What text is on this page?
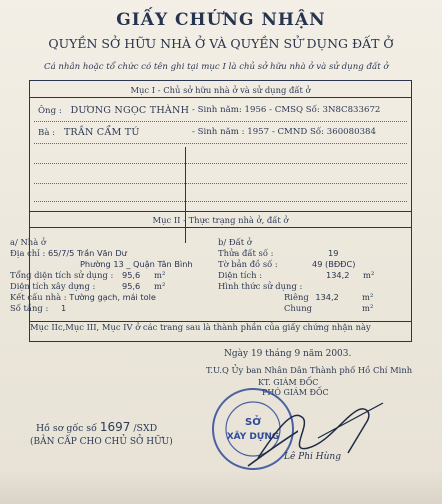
GIẤY CHỨNG NHẬN
QUYỀN SỞ HỮU NHÀ Ở VÀ QUYỀN SỬ DỤNG ĐẤT Ở
Cá nhân hoặc tổ chức có tên ghi tại mục I là chủ sở hữu nhà ở và sử dụng đất ở
Mục I - Chủ sở hữu nhà ở và sử dụng đất ở
Ông : DƯƠNG NGỌC THÀNH - Sinh năm: 1956 - CMSQ Số: 3N8C833672
Bà : TRẦN CẨM TÚ	- Sinh năm : 1957 - CMND Số: 360080384
Mục II - Thực trạng nhà ở, đất ở
a/ Nhà ở
Địa chỉ : 65/7/5 Trần Văn Dư
Phường 13 _ Quận Tân Bình
Tổng diện tích sử dụng : 95,6 m²
Diện tích xây dựng :	95,6 m²
Kết cấu nhà : Tường gạch, mái tole
Số tầng : 1
b/ Đất ở
Thửa đất số :	19
Tờ bản đồ số :	49 (BĐĐC)
Diện tích :	134,2 m²
Hình thức sử dụng :
Riêng 134,2	m²
Chung	m²
Mục IIc,Mục III, Mục IV ở các trang sau là thành phần của giấy chứng nhận này
Ngày 19 tháng 9 năm 2003.
T.U.Q Ủy ban Nhân Dân Thành phố Hồ Chí Minh
KT. GIÁM ĐỐC
PHÓ GIÁM ĐỐC
SỞ
XÂY DỰNG
Lê Phi Hùng
Hồ sơ gốc số 1697 /SXD
(BẢN CẤP CHO CHỦ SỞ HỮU)
